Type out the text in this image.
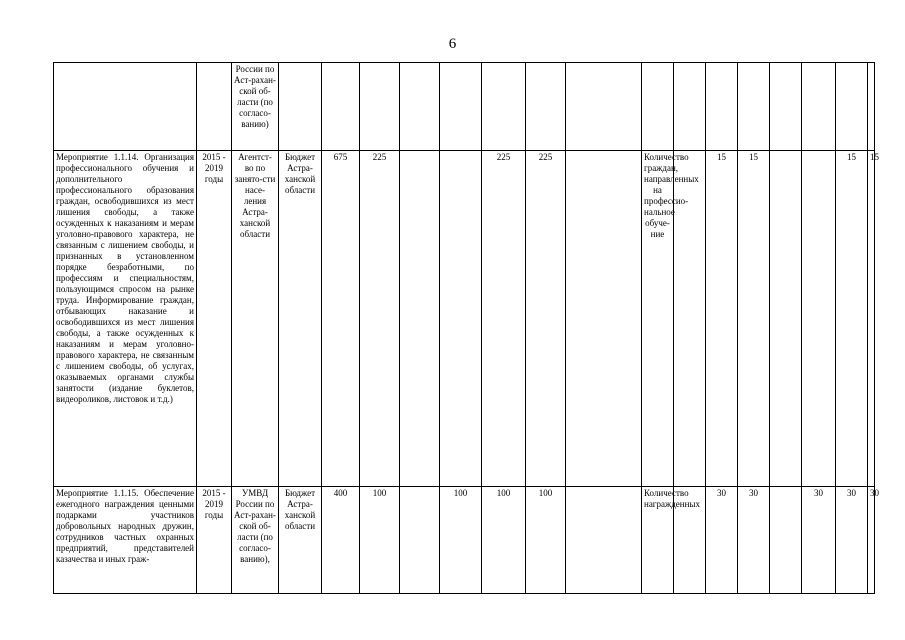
6
		России по Аст-рахан-ской об-ласти (по согласо-ванию)																
Мероприятие 1.1.14. Организация профессионального обучения и дополнительного профессионального образования граждан, освободившихся из мест лишения свободы, а также осужденных к наказаниям и мерам уголовно-правового характера, не связанным с лишением свободы, и признанных в установленном порядке безработными, по профессиям и специальностям, пользующимся спросом на рынке труда. Информирование граждан, отбывающих наказание и освободившихся из мест лишения свободы, а также осужденных к наказаниям и мерам уголовно-правового характера, не связанным с лишением свободы, об услугах, оказываемых органами службы занятости (издание буклетов, видеороликов, листовок и т.д.)	2015 - 2019 годы	Агентст-во по занято-сти насе-ления Астра-ханской области	Бюджет Астра-ханской области	675	225			225	225		Количество граждан, направленных на профессио-нальное обуче-ние		15	15			15	15
Мероприятие 1.1.15. Обеспечение ежегодного награждения ценными подарками участников добровольных народных дружин, сотрудников частных охранных предприятий, представителей казачества и иных граж-	2015 - 2019 годы	УМВД России по Аст-рахан-ской об-ласти (по согласо-ванию),	Бюджет Астра-ханской области	400	100		100	100	100		Количество награжденных		30	30		30	30	30
